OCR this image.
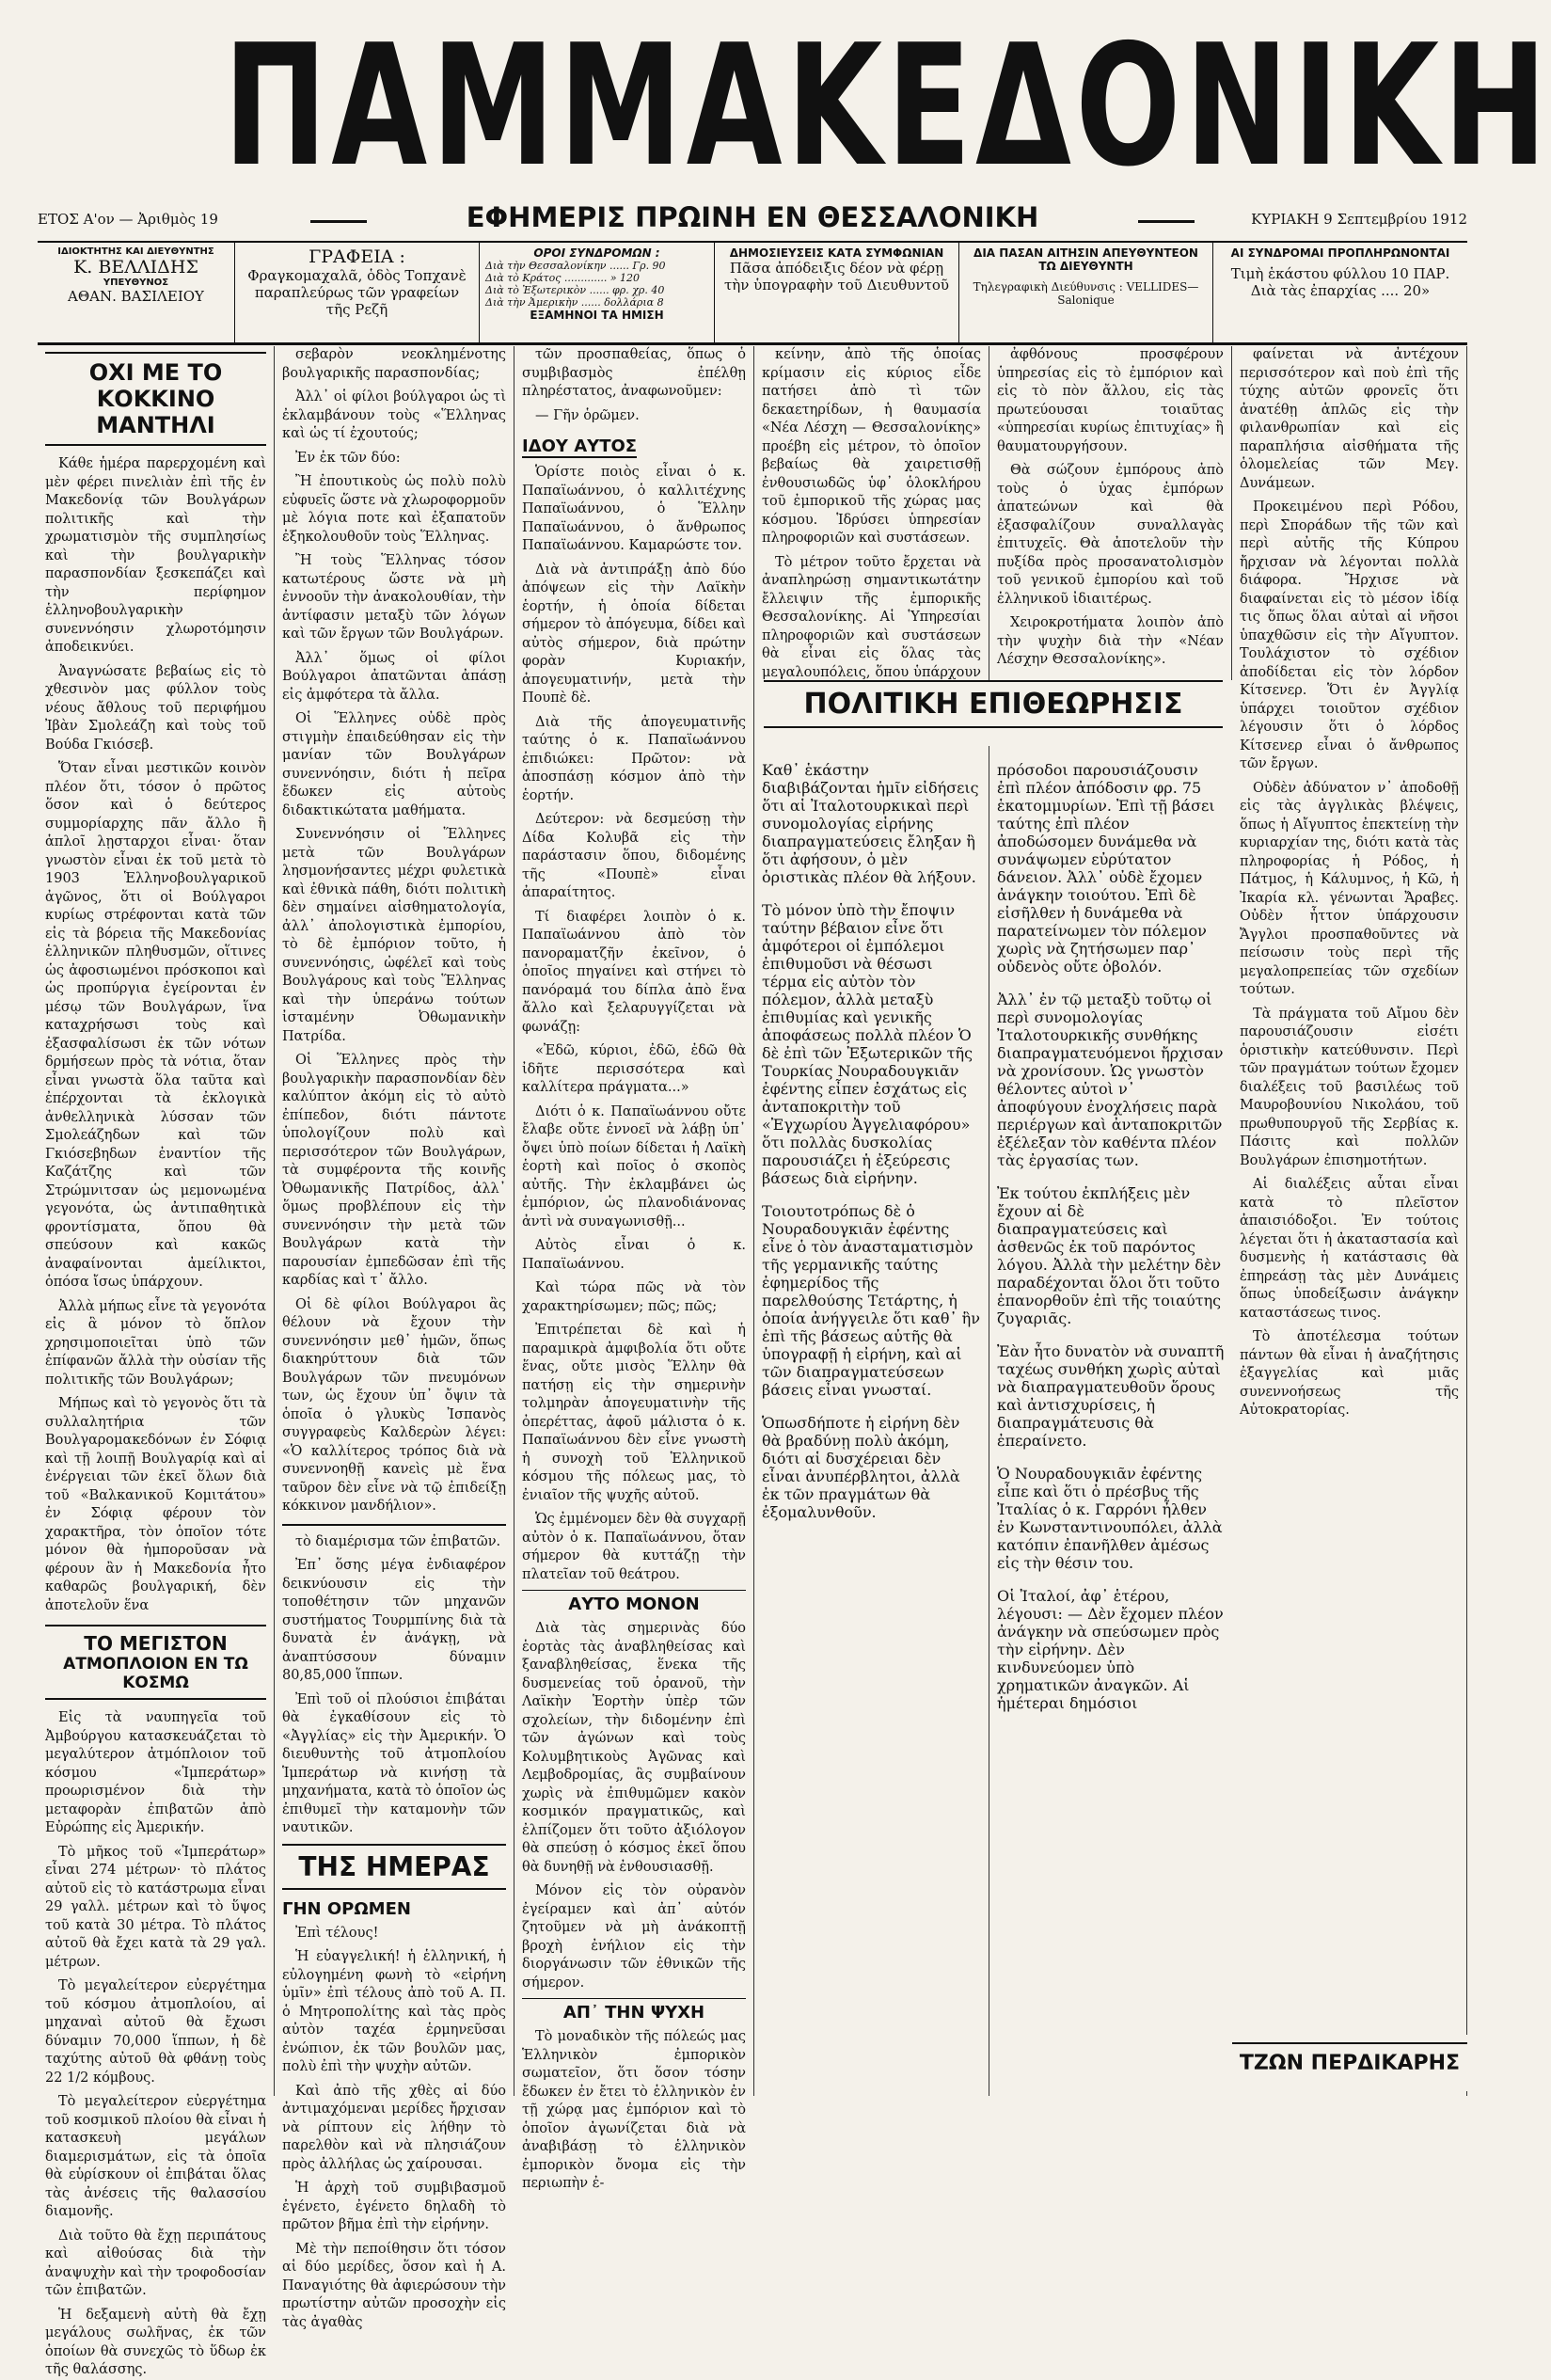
ΠΑΜΜΑΚΕΔΟΝΙΚΗ
ΕΤΟΣ Α'ον — Ἀριθμὸς 19	ΕΦΗΜΕΡΙΣ ΠΡΩΙΝΗ ΕΝ ΘΕΣΣΑΛΟΝΙΚΗ	ΚΥΡΙΑΚΗ 9 Σεπτεμβρίου 1912
ΙΔΙΟΚΤΗΤΗΣ ΚΑΙ ΔΙΕΥΘΥΝΤΗΣ
Κ. ΒΕΛΛΙΔΗΣ
ΥΠΕΥΘΥΝΟΣ
ΑΘΑΝ. ΒΑΣΙΛΕΙΟΥ
ΓΡΑΦΕΙΑ :
Φραγκομαχαλᾶ, ὁδὸς Τοπχανὲ παραπλεύρως τῶν γραφείων τῆς Ρεζῆ
ΟΡΟΙ ΣΥΝΔΡΟΜΩΝ :
Διὰ τὴν Θεσσαλονίκην ...... Γρ. 90
Διὰ τὸ Κράτος ............. » 120
Διὰ τὸ Ἐξωτερικὸν ...... φρ. χρ. 40
Διὰ τὴν Ἀμερικὴν ...... δολλάρια 8
ΕΞΑΜΗΝΟΙ ΤΑ ΗΜΙΣΗ
ΔΗΜΟΣΙΕΥΣΕΙΣ ΚΑΤΑ ΣΥΜΦΩΝΙΑΝ
Πᾶσα ἀπόδειξις δέον νὰ φέρῃ τὴν ὑπογραφὴν τοῦ Διευθυντοῦ
ΔΙΑ ΠΑΣΑΝ ΑΙΤΗΣΙΝ ΑΠΕΥΘΥΝΤΕΟΝ ΤΩ ΔΙΕΥΘΥΝΤΗ
Τηλεγραφικὴ Διεύθυνσις : VELLIDES—Salonique
ΑΙ ΣΥΝΔΡΟΜΑΙ ΠΡΟΠΛΗΡΩΝΟΝΤΑΙ
Τιμὴ ἑκάστου φύλλου 10 ΠΑΡ.
Διὰ τὰς ἐπαρχίας .... 20»
ΟΧΙ ΜΕ ΤΟ ΚΟΚΚΙΝΟ ΜΑΝΤΗΛΙ

Κάθε ἡμέρα παρερχομένη καὶ μὲν φέρει πινελιὰν ἐπὶ τῆς ἐν Μακεδονίᾳ τῶν Βουλγάρων πολιτικῆς καὶ τὴν χρωματισμὸν τῆς συμπλησίως καὶ τὴν βουλγαρικὴν παρασπονδίαν ξεσκεπάζει καὶ τὴν περίφημον ἑλληνοβουλγαρικὴν συνεννόησιν χλωροτόμησιν ἀποδεικνύει.

Ἀναγνώσατε βεβαίως εἰς τὸ χθεσινὸν μας φύλλον τοὺς νέους ἄθλους τοῦ περιφήμου Ἰβὰν Σμολεάζη καὶ τοὺς τοῦ Βούδα Γκιόσεβ.

Ὅταν εἶναι μεστικῶν κοινὸν πλέον ὅτι, τόσον ὁ πρῶτος ὅσον καὶ ὁ δεύτερος συμμορίαρχης πᾶν ἄλλο ἢ ἁπλοῖ λῃσταρχοι εἶναι· ὅταν γνωστὸν εἶναι ἐκ τοῦ μετὰ τὸ 1903 Ἑλληνοβουλγαρικοῦ ἀγῶνος, ὅτι οἱ Βούλγαροι κυρίως στρέφονται κατὰ τῶν εἰς τὰ βόρεια τῆς Μακεδονίας ἑλληνικῶν πληθυσμῶν, οἵτινες ὡς ἀφοσιωμένοι πρόσκοποι καὶ ὡς προπύργια ἐγείρονται ἐν μέσῳ τῶν Βουλγάρων, ἵνα καταχρήσωσι τοὺς καὶ ἐξασφαλίσωσι ἐκ τῶν νότων δρμήσεων πρὸς τὰ νότια, ὅταν εἶναι γνωστὰ ὅλα ταῦτα καὶ ἐπέρχονται τὰ ἐκλογικὰ ἀνθελληνικὰ λύσσαν τῶν Σμολεάζηδων καὶ τῶν Γκιόσεβηδων ἐναντίον τῆς Καζάτζης καὶ τῶν Στρώμνιτσαν ὡς μεμονωμένα γεγονότα, ὡς ἀντιπαθητικὰ φροντίσματα, ὅπου θὰ σπεύσουν καὶ κακῶς ἀναφαίνονται ἀμείλικτοι, ὁπόσα ἴσως ὑπάρχουν.

Ἀλλὰ μήπως εἶνε τὰ γεγονότα εἰς ἃ μόνον τὸ ὅπλον χρησιμοποιεῖται ὑπὸ τῶν ἐπίφανῶν ἄλλὰ τὴν οὐσίαν τῆς πολιτικῆς τῶν Βουλγάρων;

Μήπως καὶ τὸ γεγονὸς ὅτι τὰ συλλαλητήρια τῶν Βουλγαρομακεδόνων ἐν Σόφιᾳ καὶ τῇ λοιπῇ Βουλγαρίᾳ καὶ αἱ ἐνέργειαι τῶν ἐκεῖ ὅλων διὰ τοῦ «Βαλκανικοῦ Κομιτάτου» ἐν Σόφιᾳ φέρουν τὸν χαρακτῆρα, τὸν ὁποῖον τότε μόνον θὰ ἠμποροῦσαν νὰ φέρουν ἂν ἡ Μακεδονία ἦτο καθαρῶς βουλγαρική, δὲν ἀποτελοῦν ἕνα

ΤΟ ΜΕΓΙΣΤΟΝ
ΑΤΜΟΠΛΟΙΟΝ ΕΝ ΤΩ ΚΟΣΜΩ

Εἰς τὰ ναυπηγεῖα τοῦ Ἀμβούργου κατασκευάζεται τὸ μεγαλύτερον ἀτμόπλοιον τοῦ κόσμου «Ἱμπεράτωρ» προωρισμένον διὰ τὴν μεταφορὰν ἐπιβατῶν ἀπὸ Εὐρώπης εἰς Ἀμερικήν.

Τὸ μῆκος τοῦ «Ἱμπεράτωρ» εἶναι 274 μέτρων· τὸ πλάτος αὐτοῦ εἰς τὸ κατάστρωμα εἶναι 29 γαλλ. μέτρων καὶ τὸ ὕψος τοῦ κατὰ 30 μέτρα. Τὸ πλάτος αὐτοῦ θὰ ἔχει κατὰ τὰ 29 γαλ. μέτρων.

Τὸ μεγαλείτερον εὐεργέτημα τοῦ κόσμου ἀτμοπλοίου, αἱ μηχαναὶ αὐτοῦ θὰ ἔχωσι δύναμιν 70,000 ἵππων, ἡ δὲ ταχύτης αὐτοῦ θὰ φθάνῃ τοὺς 22 1/2 κόμβους.

Τὸ μεγαλείτερον εὐεργέτημα τοῦ κοσμικοῦ πλοίου θὰ εἶναι ἡ κατασκευὴ μεγάλων διαμερισμάτων, εἰς τὰ ὁποῖα θὰ εὑρίσκουν οἱ ἐπιβάται ὅλας τὰς ἀνέσεις τῆς θαλασσίου διαμονῆς.

Διὰ τοῦτο θὰ ἔχῃ περιπάτους καὶ αἰθούσας διὰ τὴν ἀναψυχὴν καὶ τὴν τροφοδοσίαν τῶν ἐπιβατῶν.

Ἡ δεξαμενὴ αὐτὴ θὰ ἔχῃ μεγάλους σωλῆνας, ἐκ τῶν ὁποίων θὰ συνεχῶς τὸ ὕδωρ ἐκ τῆς θαλάσσης.

σεβαρὸν νεοκλημένοτης βουλγαρικῆς παρασπονδίας;

Ἀλλ᾽ οἱ φίλοι βούλγαροι ὡς τὶ ἐκλαμβάνουν τοὺς «Ἕλληνας καὶ ὡς τί ἐχουτούς;

Ἐν ἐκ τῶν δύο:

Ἢ ἐπουτικοὺς ὡς πολὺ πολὺ εὐφυεῖς ὥστε νὰ χλωροφορμοῦν μὲ λόγια ποτε καὶ ἐξαπατοῦν ἐξηκολουθοῦν τοὺς Ἕλληνας.

Ἢ τοὺς Ἕλληνας τόσον κατωτέρους ὥστε νὰ μὴ ἐννοοῦν τὴν ἀνακολουθίαν, τὴν ἀντίφασιν μεταξὺ τῶν λόγων καὶ τῶν ἔργων τῶν Βουλγάρων.

Ἀλλ᾽ ὅμως οἱ φίλοι Βούλγαροι ἀπατῶνται ἀπάσῃ εἰς ἀμφότερα τὰ ἄλλα.

Οἱ Ἕλληνες οὐδὲ πρὸς στιγμὴν ἐπαιδεύθησαν εἰς τὴν μανίαν τῶν Βουλγάρων συνεννόησιν, διότι ἡ πεῖρα ἔδωκεν εἰς αὐτοὺς διδακτικώτατα μαθήματα.

Συνεννόησιν οἱ Ἕλληνες μετὰ τῶν Βουλγάρων λησμονήσαντες μέχρι φυλετικὰ καὶ ἐθνικὰ πάθη, διότι πολιτικὴ δὲν σημαίνει αἰσθηματολογία, ἀλλ᾽ ἀπολογιστικὰ ἐμπορίου, τὸ δὲ ἐμπόριον τοῦτο, ἡ συνεννόησις, ὠφέλεῖ καὶ τοὺς Βουλγάρους καὶ τοὺς Ἕλληνας καὶ τὴν ὑπεράνω τούτων ἰσταμένην Ὀθωμανικὴν Πατρίδα.

Οἱ Ἕλληνες πρὸς τὴν βουλγαρικὴν παρασπονδίαν δὲν καλύπτον ἀκόμη εἰς τὸ αὐτὸ ἐπίπεδον, διότι πάντοτε ὑπολογίζουν πολὺ καὶ περισσότερον τῶν Βουλγάρων, τὰ συμφέροντα τῆς κοινῆς Ὀθωμανικῆς Πατρίδος, ἀλλ᾽ ὅμως προβλέπουν εἰς τὴν συνεννόησιν τὴν μετὰ τῶν Βουλγάρων κατὰ τὴν παρουσίαν ἐμπεδῶσαν ἐπὶ τῆς καρδίας καὶ τ᾽ ἄλλο.

Οἱ δὲ φίλοι Βούλγαροι ἂς θέλουν νὰ ἔχουν τὴν συνεννόησιν μεθ᾽ ἡμῶν, ὅπως διακηρύττουν διὰ τῶν Βουλγάρων τῶν πνευμόνων των, ὡς ἔχουν ὑπ᾽ ὄψιν τὰ ὁποῖα ὁ γλυκὺς Ἰσπανὸς συγγραφεὺς Καλδερὼν λέγει: «Ὁ καλλίτερος τρόπος διὰ νὰ συνεννοηθῇ κανεὶς μὲ ἕνα ταῦρον δὲν εἶνε νὰ τῷ ἐπιδείξῃ κόκκινον μανδήλιον».

τὸ διαμέρισμα τῶν ἐπιβατῶν.

Ἐπ᾽ ὅσης μέγα ἐνδιαφέρον δεικνύουσιν εἰς τὴν τοποθέτησιν τῶν μηχανῶν συστήματος Τουρμπίνης διὰ τὰ δυνατὰ ἐν ἀνάγκῃ, νὰ ἀναπτύσσουν δύναμιν 80,85,000 ἵππων.

Ἐπὶ τοῦ οἱ πλούσιοι ἐπιβάται θὰ ἐγκαθίσουν εἰς τὸ «Ἀγγλίας» εἰς τὴν Ἀμερικήν. Ὁ διευθυντὴς τοῦ ἀτμοπλοίου Ἱμπεράτωρ νὰ κινήσῃ τὰ μηχανήματα, κατὰ τὸ ὁποῖον ὡς ἐπιθυμεῖ τὴν καταμονὴν τῶν ναυτικῶν.

ΤΗΣ ΗΜΕΡΑΣ
ΓΗΝ ΟΡΩΜΕΝ

Ἐπὶ τέλους!

Ἡ εὐαγγελική! ἡ ἑλληνική, ἡ εὐλογημένη φωνὴ τὸ «εἰρήνη ὑμῖν» ἐπὶ τέλους ἀπὸ τοῦ Α. Π. ὁ Μητροπολίτης καὶ τὰς πρὸς αὐτὸν ταχέα ἑρμηνεῦσαι ἐνώπιον, ἐκ τῶν βουλῶν μας, πολὺ ἐπὶ τὴν ψυχὴν αὐτῶν.

Καὶ ἀπὸ τῆς χθὲς αἱ δύο ἀντιμαχόμεναι μερίδες ἤρχισαν νὰ ρίπτουν εἰς λήθην τὸ παρελθὸν καὶ νὰ πλησιάζουν πρὸς ἀλλήλας ὡς χαίρουσαι.

Ἡ ἀρχὴ τοῦ συμβιβασμοῦ ἐγένετο, ἐγένετο δηλαδὴ τὸ πρῶτον βῆμα ἐπὶ τὴν εἰρήνην.

Μὲ τὴν πεποίθησιν ὅτι τόσον αἱ δύο μερίδες, ὅσον καὶ ἡ Α. Παναγιότης θὰ ἀφιερώσουν τὴν πρωτίστην αὐτῶν προσοχὴν εἰς τὰς ἀγαθὰς

τῶν προσπαθείας, ὅπως ὁ συμβιβασμὸς ἐπέλθῃ πληρέστατος, ἀναφωνοῦμεν:

— Γῆν ὁρῶμεν.

ΙΔΟΥ ΑΥΤΟΣ

Ὁρίστε ποιὸς εἶναι ὁ κ. Παπαϊωάννου, ὁ καλλιτέχνης Παπαϊωάννου, ὁ Ἕλλην Παπαϊωάννου, ὁ ἄνθρωπος Παπαϊωάννου. Καμαρώστε τον.

Διὰ νὰ ἀντιπράξῃ ἀπὸ δύο ἀπόψεων εἰς τὴν Λαϊκὴν ἑορτήν, ἡ ὁποία δίδεται σήμερον τὸ ἀπόγευμα, δίδει καὶ αὐτὸς σήμερον, διὰ πρώτην φορὰν Κυριακήν, ἀπογευματινήν, μετὰ τὴν Πουπὲ δὲ.

Διὰ τῆς ἀπογευματινῆς ταύτης ὁ κ. Παπαϊωάννου ἐπιδιώκει: Πρῶτον: νὰ ἀποσπάσῃ κόσμον ἀπὸ τὴν ἑορτήν.

Δεύτερον: νὰ δεσμεύσῃ τὴν Δίδα Κολυβᾶ εἰς τὴν παράστασιν ὅπου, διδομένης τῆς «Πουπὲ» εἶναι ἀπαραίτητος.

Τί διαφέρει λοιπὸν ὁ κ. Παπαϊωάννου ἀπὸ τὸν πανοραματζῆν ἐκεῖνον, ὁ ὁποῖος πηγαίνει καὶ στήνει τὸ πανόραμά του δίπλα ἀπὸ ἕνα ἄλλο καὶ ξελαρυγγίζεται νὰ φωνάζῃ:

«Ἐδῶ, κύριοι, ἐδῶ, ἐδῶ θὰ ἰδῆτε περισσότερα καὶ καλλίτερα πράγματα...»

Διότι ὁ κ. Παπαϊωάννου οὔτε ἔλαβε οὔτε ἐννοεῖ νὰ λάβῃ ὑπ᾽ ὄψει ὑπὸ ποίων δίδεται ἡ Λαϊκὴ ἑορτὴ καὶ ποῖος ὁ σκοπὸς αὐτῆς. Τὴν ἐκλαμβάνει ὡς ἐμπόριον, ὡς πλανοδιάνονας ἀντὶ νὰ συναγωνισθῇ...

Αὐτὸς εἶναι ὁ κ. Παπαϊωάννου.

Καὶ τώρα πῶς νὰ τὸν χαρακτηρίσωμεν; πῶς; πῶς;

Ἐπιτρέπεται δὲ καὶ ἡ παραμικρὰ ἀμφιβολία ὅτι οὔτε ἕνας, οὔτε μισὸς Ἕλλην θὰ πατήσῃ εἰς τὴν σημερινὴν τολμηρὰν ἀπογευματινὴν τῆς ὀπερέττας, ἀφοῦ μάλιστα ὁ κ. Παπαϊωάννου δὲν εἶνε γνωστὴ ἡ συνοχὴ τοῦ Ἑλληνικοῦ κόσμου τῆς πόλεως μας, τὸ ἐνιαῖον τῆς ψυχῆς αὐτοῦ.

Ὡς ἐμμένομεν δὲν θὰ συγχαρῇ αὐτὸν ὁ κ. Παπαϊωάννου, ὅταν σήμερον θὰ κυττάζῃ τὴν πλατεῖαν τοῦ θεάτρου.

ΑΥΤΟ ΜΟΝΟΝ

Διὰ τὰς σημερινὰς δύο ἑορτὰς τὰς ἀναβληθείσας καὶ ξαναβληθείσας, ἕνεκα τῆς δυσμενείας τοῦ ὀρανοῦ, τὴν Λαϊκὴν Ἑορτὴν ὑπὲρ τῶν σχολείων, τὴν διδομένην ἐπὶ τῶν ἀγώνων καὶ τοὺς Κολυμβητικοὺς Ἀγῶνας καὶ Λεμβοδρομίας, ἃς συμβαίνουν χωρὶς νὰ ἐπιθυμῶμεν κακὸν κοσμικόν πραγματικῶς, καὶ ἐλπίζομεν ὅτι τοῦτο ἀξιόλογον θὰ σπεύσῃ ὁ κόσμος ἐκεῖ ὅπου θὰ δυνηθῇ νὰ ἐνθουσιασθῇ.

Μόνον εἰς τὸν οὐρανὸν ἐγείραμεν καὶ ἀπ᾽ αὐτόν ζητοῦμεν νὰ μὴ ἀνάκοπτῇ βροχὴ ἐνήλιον εἰς τὴν διοργάνωσιν τῶν ἐθνικῶν τῆς σήμερον.

ΑΠ᾽ ΤΗΝ ΨΥΧΗ

Τὸ μοναδικὸν τῆς πόλεώς μας Ἑλληνικὸν ἐμπορικὸν σωματεῖον, ὅτι ὅσον τόσην ἔδωκεν ἐν ἔτει τὸ ἑλληνικὸν ἐν τῇ χώρᾳ μας ἐμπόριον καὶ τὸ ὁποῖον ἀγωνίζεται διὰ νὰ ἀναβιβάσῃ τὸ ἑλληνικὸν ἐμπορικὸν ὄνομα εἰς τὴν περιωπὴν ἐ-

κείνην, ἀπὸ τῆς ὁποίας κρίμασιν εἰς κύριος εἶδε πατήσει ἀπὸ τὶ τῶν δεκαετηρίδων, ἡ θαυμασία «Νέα Λέσχη — Θεσσαλονίκης» προέβη εἰς μέτρον, τὸ ὁποῖον βεβαίως θὰ χαιρετισθῇ ἐνθουσιωδῶς ὑφ᾽ ὁλοκλήρου τοῦ ἐμπορικοῦ τῆς χώρας μας κόσμου. Ἱδρύσει ὑπηρεσίαν πληροφοριῶν καὶ συστάσεων.

Τὸ μέτρον τοῦτο ἔρχεται νὰ ἀναπληρώσῃ σημαντικωτάτην ἔλλειψιν τῆς ἐμπορικῆς Θεσσαλονίκης. Αἱ Ὑπηρεσίαι πληροφοριῶν καὶ συστάσεων θὰ εἶναι εἰς ὅλας τὰς μεγαλουπόλεις, ὅπου ὑπάρχουν

ἀφθόνους προσφέρουν ὑπηρεσίας εἰς τὸ ἐμπόριον καὶ εἰς τὸ πὸν ἄλλου, εἰς τὰς πρωτεύουσαι τοιαῦτας «ὑπηρεσίαι κυρίως ἐπιτυχίας» ἢ θαυματουργήσουν.

Θὰ σώζουν ἐμπόρους ἀπὸ τοὺς ὁ ὑχας ἐμπόρων ἀπατεώνων καὶ θὰ ἐξασφαλίζουν συναλλαγὰς ἐπιτυχεῖς. Θὰ ἀποτελοῦν τὴν πυξίδα πρὸς προσανατολισμὸν τοῦ γενικοῦ ἐμπορίου καὶ τοῦ ἑλληνικοῦ ἰδιαιτέρως.

Χειροκροτήματα λοιπὸν ἀπὸ τὴν ψυχὴν διὰ τὴν «Νέαν Λέσχην Θεσσαλονίκης».

ΠΟΛΙΤΙΚΗ ΕΠΙΘΕΩΡΗΣΙΣ

Καθ᾽ ἑκάστην διαβιβάζονται ἡμῖν εἰδήσεις ὅτι αἱ Ἰταλοτουρκικαὶ περὶ συνομολογίας εἰρήνης διαπραγματεύσεις ἔληξαν ἢ ὅτι ἀφήσουν, ὁ μὲν ὁριστικὰς πλέον θὰ λήξουν.

Τὸ μόνον ὑπὸ τὴν ἔποψιν ταύτην βέβαιον εἶνε ὅτι ἀμφότεροι οἱ ἐμπόλεμοι ἐπιθυμοῦσι νὰ θέσωσι τέρμα εἰς αὐτὸν τὸν πόλεμον, ἀλλὰ μεταξὺ ἐπιθυμίας καὶ γενικῆς ἀποφάσεως πολλὰ πλέον Ὁ δὲ ἐπὶ τῶν Ἐξωτερικῶν τῆς Τουρκίας Νουραδουγκιᾶν ἐφέντης εἶπεν ἐσχάτως εἰς ἀνταποκριτὴν τοῦ «Ἐγχωρίου Ἀγγελιαφόρου» ὅτι πολλὰς δυσκολίας παρουσιάζει ἡ ἐξεύρεσις βάσεως διὰ εἰρήνην.

Τοιουτοτρόπως δὲ ὁ Νουραδουγκιᾶν ἐφέντης εἶνε ὁ τὸν ἀνασταματισμὸν τῆς γερμανικῆς ταύτης ἐφημερίδος τῆς παρελθούσης Τετάρτης, ἡ ὁποία ἀνήγγειλε ὅτι καθ᾽ ἣν ἐπὶ τῆς βάσεως αὐτῆς θὰ ὑπογραφῇ ἡ εἰρήνη, καὶ αἱ τῶν διαπραγματεύσεων βάσεις εἶναι γνωσταί.

Ὁπωσδήποτε ἡ εἰρήνη δὲν θὰ βραδύνῃ πολὺ ἀκόμη, διότι αἱ δυσχέρειαι δὲν εἶναι ἀνυπέρβλητοι, ἀλλὰ ἐκ τῶν πραγμάτων θὰ ἐξομαλυνθοῦν.

πρόσοδοι παρουσιάζουσιν ἐπὶ πλέον ἀπόδοσιν φρ. 75 ἑκατομμυρίων. Ἐπὶ τῇ βάσει ταύτης ἐπὶ πλέον ἀποδώσομεν δυνάμεθα νὰ συνάψωμεν εὐρύτατον δάνειον. Ἀλλ᾽ οὐδὲ ἔχομεν ἀνάγκην τοιούτου. Ἐπὶ δὲ εἰσῆλθεν ἡ δυνάμεθα νὰ παρατείνωμεν τὸν πόλεμον χωρὶς νὰ ζητήσωμεν παρ᾽ οὐδενὸς οὔτε ὀβολόν.

Ἀλλ᾽ ἐν τῷ μεταξὺ τοῦτῳ οἱ περὶ συνομολογίας Ἰταλοτουρκικῆς συνθήκης διαπραγματευόμενοι ἤρχισαν νὰ χρονίσουν. Ὡς γνωστὸν θέλοντες αὐτοὶ ν᾽ ἀποφύγουν ἐνοχλήσεις παρὰ περιέργων καὶ ἀνταποκριτῶν ἐξέλεξαν τὸν καθέντα πλέον τὰς ἐργασίας των.

Ἐκ τούτου ἐκπλήξεις μὲν ἔχουν αἱ δὲ διαπραγματεύσεις καὶ ἀσθενῶς ἐκ τοῦ παρόντος λόγου. Ἀλλὰ τὴν μελέτην δὲν παραδέχονται ὅλοι ὅτι τοῦτο ἐπανορθοῦν ἐπὶ τῆς τοιαύτης ζυγαριᾶς.

Ἐὰν ἦτο δυνατὸν νὰ συναπτῆ ταχέως συνθήκη χωρὶς αὐταὶ νὰ διαπραγματευθοῦν ὅρους καὶ ἀντισχυρίσεις, ἡ διαπραγμάτευσις θὰ ἐπεραίνετο.

Ὁ Νουραδουγκιᾶν ἐφέντης εἶπε καὶ ὅτι ὁ πρέσβυς τῆς Ἰταλίας ὁ κ. Γαρρόνι ἦλθεν ἐν Κωνσταντινουπόλει, ἀλλὰ κατόπιν ἐπανῆλθεν ἀμέσως εἰς τὴν θέσιν του.

Οἱ Ἰταλοί, ἀφ᾽ ἑτέρου, λέγουσι: — Δὲν ἔχομεν πλέον ἀνάγκην νὰ σπεύσωμεν πρὸς τὴν εἰρήνην. Δὲν κινδυνεύομεν ὑπὸ χρηματικῶν ἀναγκῶν. Αἱ ἡμέτεραι δημόσιοι

φαίνεται νὰ ἀντέχουν περισσότερον καὶ ποὺ ἐπὶ τῆς τύχης αὐτῶν φρονεῖς ὅτι ἀνατέθῃ ἁπλῶς εἰς τὴν φιλανθρωπίαν καὶ εἰς παραπλήσια αἰσθήματα τῆς ὁλομελείας τῶν Μεγ. Δυνάμεων.

Προκειμένου περὶ Ρόδου, περὶ Σποράδων τῆς τῶν καὶ περὶ αὐτῆς τῆς Κύπρου ἤρχισαν νὰ λέγονται πολλὰ διάφορα. Ἤρχισε νὰ διαφαίνεται εἰς τὸ μέσον ἰδίᾳ τις ὅπως ὅλαι αὐταὶ αἱ νῆσοι ὑπαχθῶσιν εἰς τὴν Αἴγυπτον. Τουλάχιστον τὸ σχέδιον ἀποδίδεται εἰς τὸν λόρδον Κίτσενερ. Ὅτι ἐν Ἀγγλίᾳ ὑπάρχει τοιοῦτον σχέδιον λέγουσιν ὅτι ὁ λόρδος Κίτσενερ εἶναι ὁ ἄνθρωπος τῶν ἔργων.

Οὐδὲν ἀδύνατον ν᾽ ἀποδοθῇ εἰς τὰς ἀγγλικὰς βλέψεις, ὅπως ἡ Αἴγυπτος ἐπεκτείνῃ τὴν κυριαρχίαν της, διότι κατὰ τὰς πληροφορίας ἡ Ρόδος, ἡ Πάτμος, ἡ Κάλυμνος, ἡ Κῶ, ἡ Ἰκαρία κλ. γένωνται Ἄραβες. Οὐδὲν ἧττον ὑπάρχουσιν Ἄγγλοι προσπαθοῦντες νὰ πείσωσιν τοὺς περὶ τῆς μεγαλοπρεπείας τῶν σχεδίων τούτων.

Τὰ πράγματα τοῦ Αἴμου δὲν παρουσιάζουσιν εἰσέτι ὁριστικὴν κατεύθυνσιν. Περὶ τῶν πραγμάτων τούτων ἔχομεν διαλέξεις τοῦ βασιλέως τοῦ Μαυροβουνίου Νικολάου, τοῦ πρωθυπουργοῦ τῆς Σερβίας κ. Πάσιτς καὶ πολλῶν Βουλγάρων ἐπισημοτήτων.

Αἱ διαλέξεις αὗται εἶναι κατὰ τὸ πλεῖστον ἀπαισιόδοξοι. Ἐν τούτοις λέγεται ὅτι ἡ ἀκαταστασία καὶ δυσμενὴς ἡ κατάστασις θὰ ἐπηρεάσῃ τὰς μὲν Δυνάμεις ὅπως ὑποδείξωσιν ἀνάγκην καταστάσεως τινος.

Τὸ ἀποτέλεσμα τούτων πάντων θὰ εἶναι ἡ ἀναζήτησις ἐξαγγελίας καὶ μιᾶς συνεννοήσεως τῆς Αὐτοκρατορίας.

ΤΖΩΝ ΠΕΡΔΙΚΑΡΗΣ
